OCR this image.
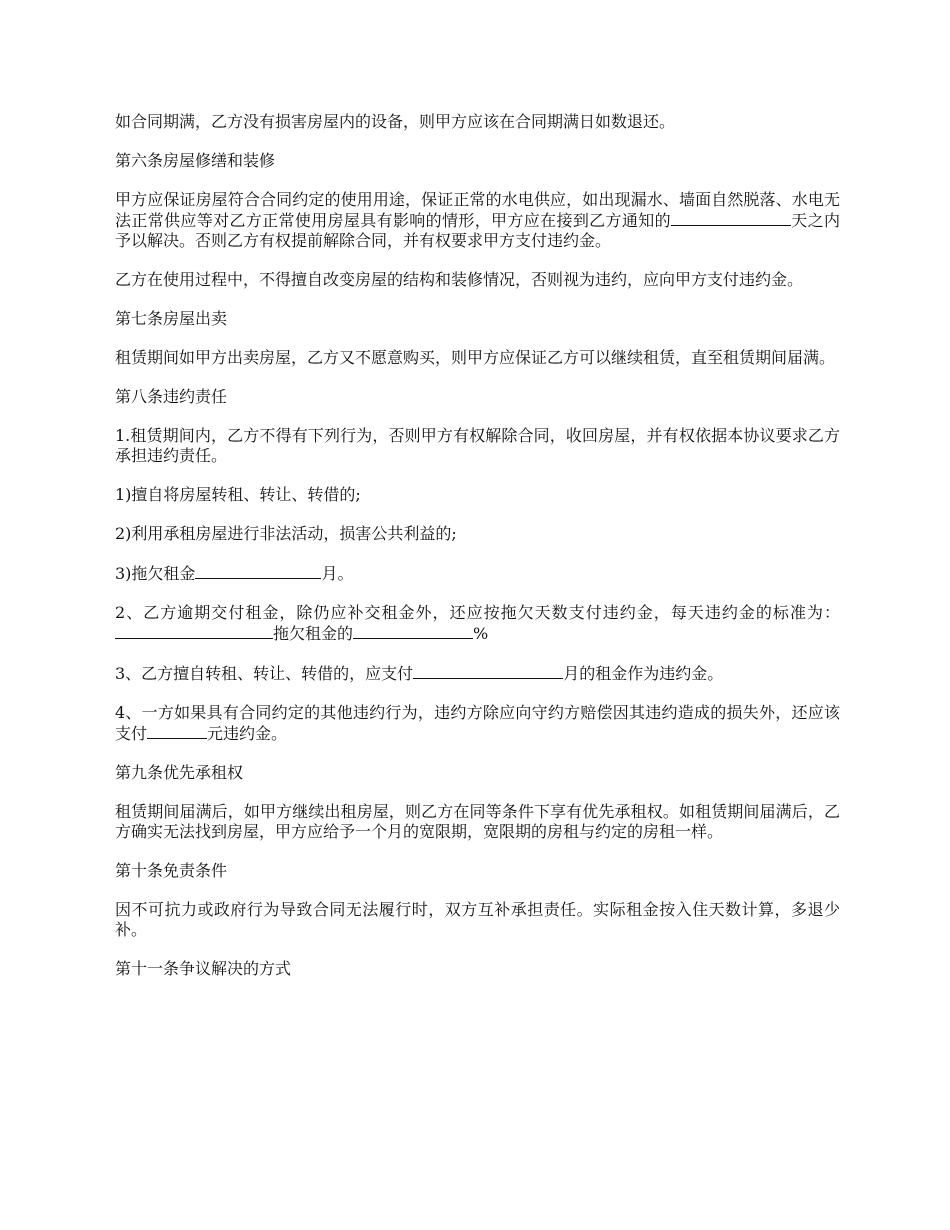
如合同期满，乙方没有损害房屋内的设备，则甲方应该在合同期满日如数退还。

第六条房屋修缮和装修

甲方应保证房屋符合合同约定的使用用途，保证正常的水电供应，如出现漏水、墙面自然脱落、水电无法正常供应等对乙方正常使用房屋具有影响的情形，甲方应在接到乙方通知的	天之内予以解决。否则乙方有权提前解除合同，并有权要求甲方支付违约金。

乙方在使用过程中，不得擅自改变房屋的结构和装修情况，否则视为违约，应向甲方支付违约金。

第七条房屋出卖

租赁期间如甲方出卖房屋，乙方又不愿意购买，则甲方应保证乙方可以继续租赁，直至租赁期间届满。

第八条违约责任

1.租赁期间内，乙方不得有下列行为，否则甲方有权解除合同，收回房屋，并有权依据本协议要求乙方承担违约责任。

1)擅自将房屋转租、转让、转借的;

2)利用承租房屋进行非法活动，损害公共利益的;

3)拖欠租金	月。

2、乙方逾期交付租金，除仍应补交租金外，还应按拖欠天数支付违约金，每天违约金的标准为：拖欠租金的	%

3、乙方擅自转租、转让、转借的，应支付	月的租金作为违约金。

4、一方如果具有合同约定的其他违约行为，违约方除应向守约方赔偿因其违约造成的损失外，还应该支付	元违约金。

第九条优先承租权

租赁期间届满后，如甲方继续出租房屋，则乙方在同等条件下享有优先承租权。如租赁期间届满后，乙方确实无法找到房屋，甲方应给予一个月的宽限期，宽限期的房租与约定的房租一样。

第十条免责条件

因不可抗力或政府行为导致合同无法履行时，双方互补承担责任。实际租金按入住天数计算，多退少补。

第十一条争议解决的方式
